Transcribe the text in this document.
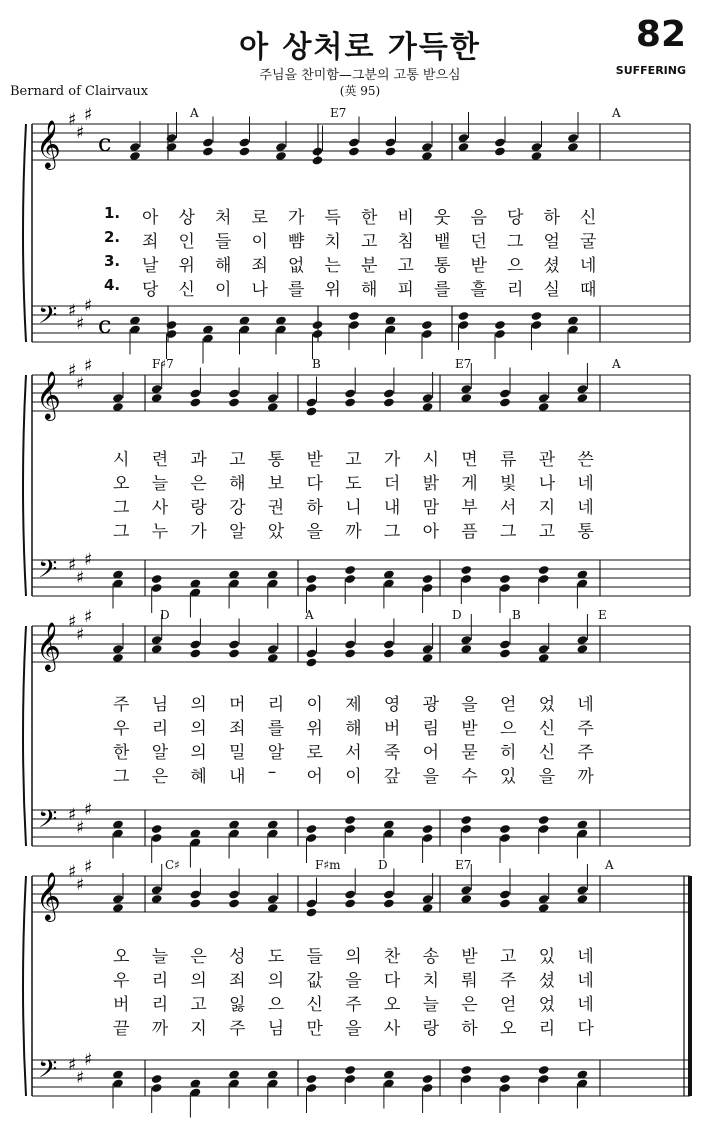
아 상처로 가득한
주님을 찬미함—그분의 고통 받으심
(英 95)
82
SUFFERING
Bernard of Clairvaux
𝄞
𝄢
♯
♯
♯
♯
♯
♯
c
c
𝄞
𝄢
♯
♯
♯
♯
♯
♯
𝄞
𝄢
♯
♯
♯
♯
♯
♯
𝄞
𝄢
♯
♯
♯
♯
♯
♯
A	E7	A
1. 아 상 처 로 가 득 한 비 웃 음 당 하 신
2. 죄 인 들 이 뺨 치 고 침 뱉 던 그 얼 굴
3. 날 위 해 죄 없 는 분 고 통 받 으 셨 네
4. 당 신 이 나 를 위 해 피 를 흘 리 실 때
F♯7	B	E7	A
시 련 과 고 통 받 고 가 시 면 류 관 쓴
오 늘 은 해 보 다 도 더 밝 게 빛 나 네
그 사 랑 강 권 하 니 내 맘 부 서 지 네
그 누 가 알 았 을 까 그 아 픔 그 고 통
D	A	D	B	E
주 님 의 머 리 이 제 영 광 을 얻 었 네
우 리 의 죄 를 위 해 버 림 받 으 신 주
한 알 의 밀 알 로 서 죽 어 묻 히 신 주
그 은 혜 내 – 어 이 갚 을 수 있 을 까
C♯	F♯m	D	E7	A
오 늘 은 성 도 들 의 찬 송 받 고 있 네
우 리 의 죄 의 값 을 다 치 뤄 주 셨 네
버 리 고 잃 으 신 주 오 늘 은 얻 었 네
끝 까 지 주 님 만 을 사 랑 하 오 리 다
